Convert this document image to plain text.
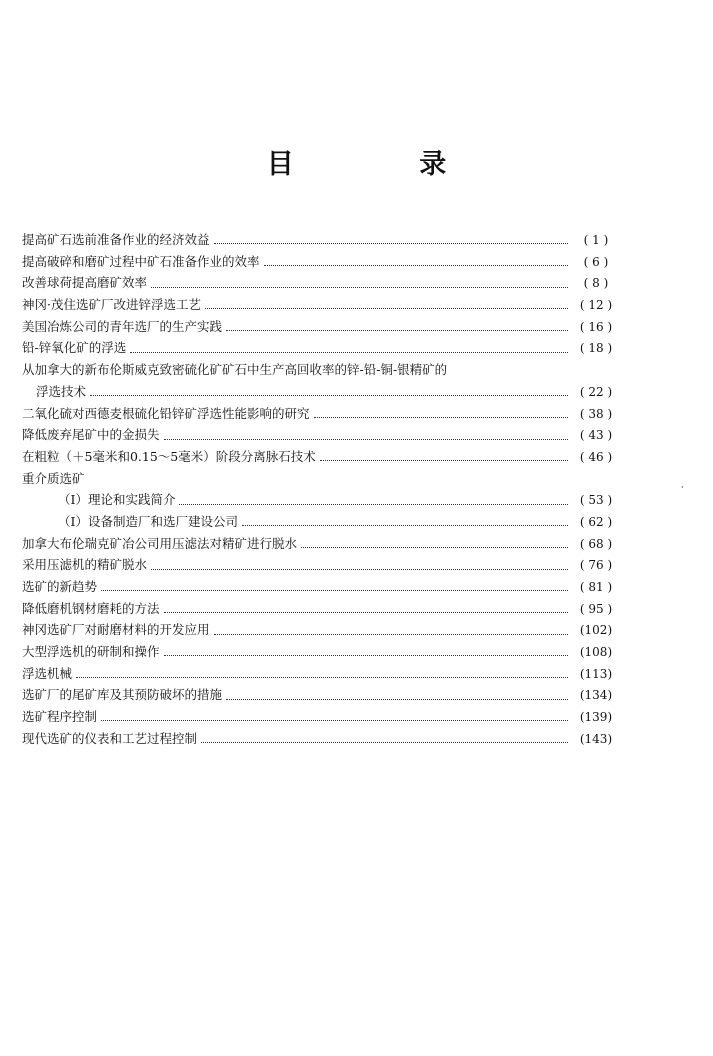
目 录
提高矿石选前准备作业的经济效益	( 1 )
提高破碎和磨矿过程中矿石准备作业的效率	( 6 )
改善球荷提高磨矿效率	( 8 )
神冈·茂住选矿厂改进锌浮选工艺	( 12 )
美国冶炼公司的青年选厂的生产实践	( 16 )
铅-锌氧化矿的浮选	( 18 )
从加拿大的新布伦斯威克致密硫化矿矿石中生产高回收率的锌-铅-铜-银精矿的
浮选技术	( 22 )
二氧化硫对西德麦根硫化铅锌矿浮选性能影响的研究	( 38 )
降低废弃尾矿中的金损失	( 43 )
在粗粒（＋5毫米和0.15～5毫米）阶段分离脉石技术	( 46 )
重介质选矿
（Ⅰ）理论和实践简介	( 53 )
（Ⅰ）设备制造厂和选厂建设公司	( 62 )
加拿大布伦瑞克矿冶公司用压滤法对精矿进行脱水	( 68 )
采用压滤机的精矿脱水	( 76 )
选矿的新趋势	( 81 )
降低磨机钢材磨耗的方法	( 95 )
神冈选矿厂对耐磨材料的开发应用	(102)
大型浮选机的研制和操作	(108)
浮选机械	(113)
选矿厂的尾矿库及其预防破坏的措施	(134)
选矿程序控制	(139)
现代选矿的仪表和工艺过程控制	(143)
⸳
